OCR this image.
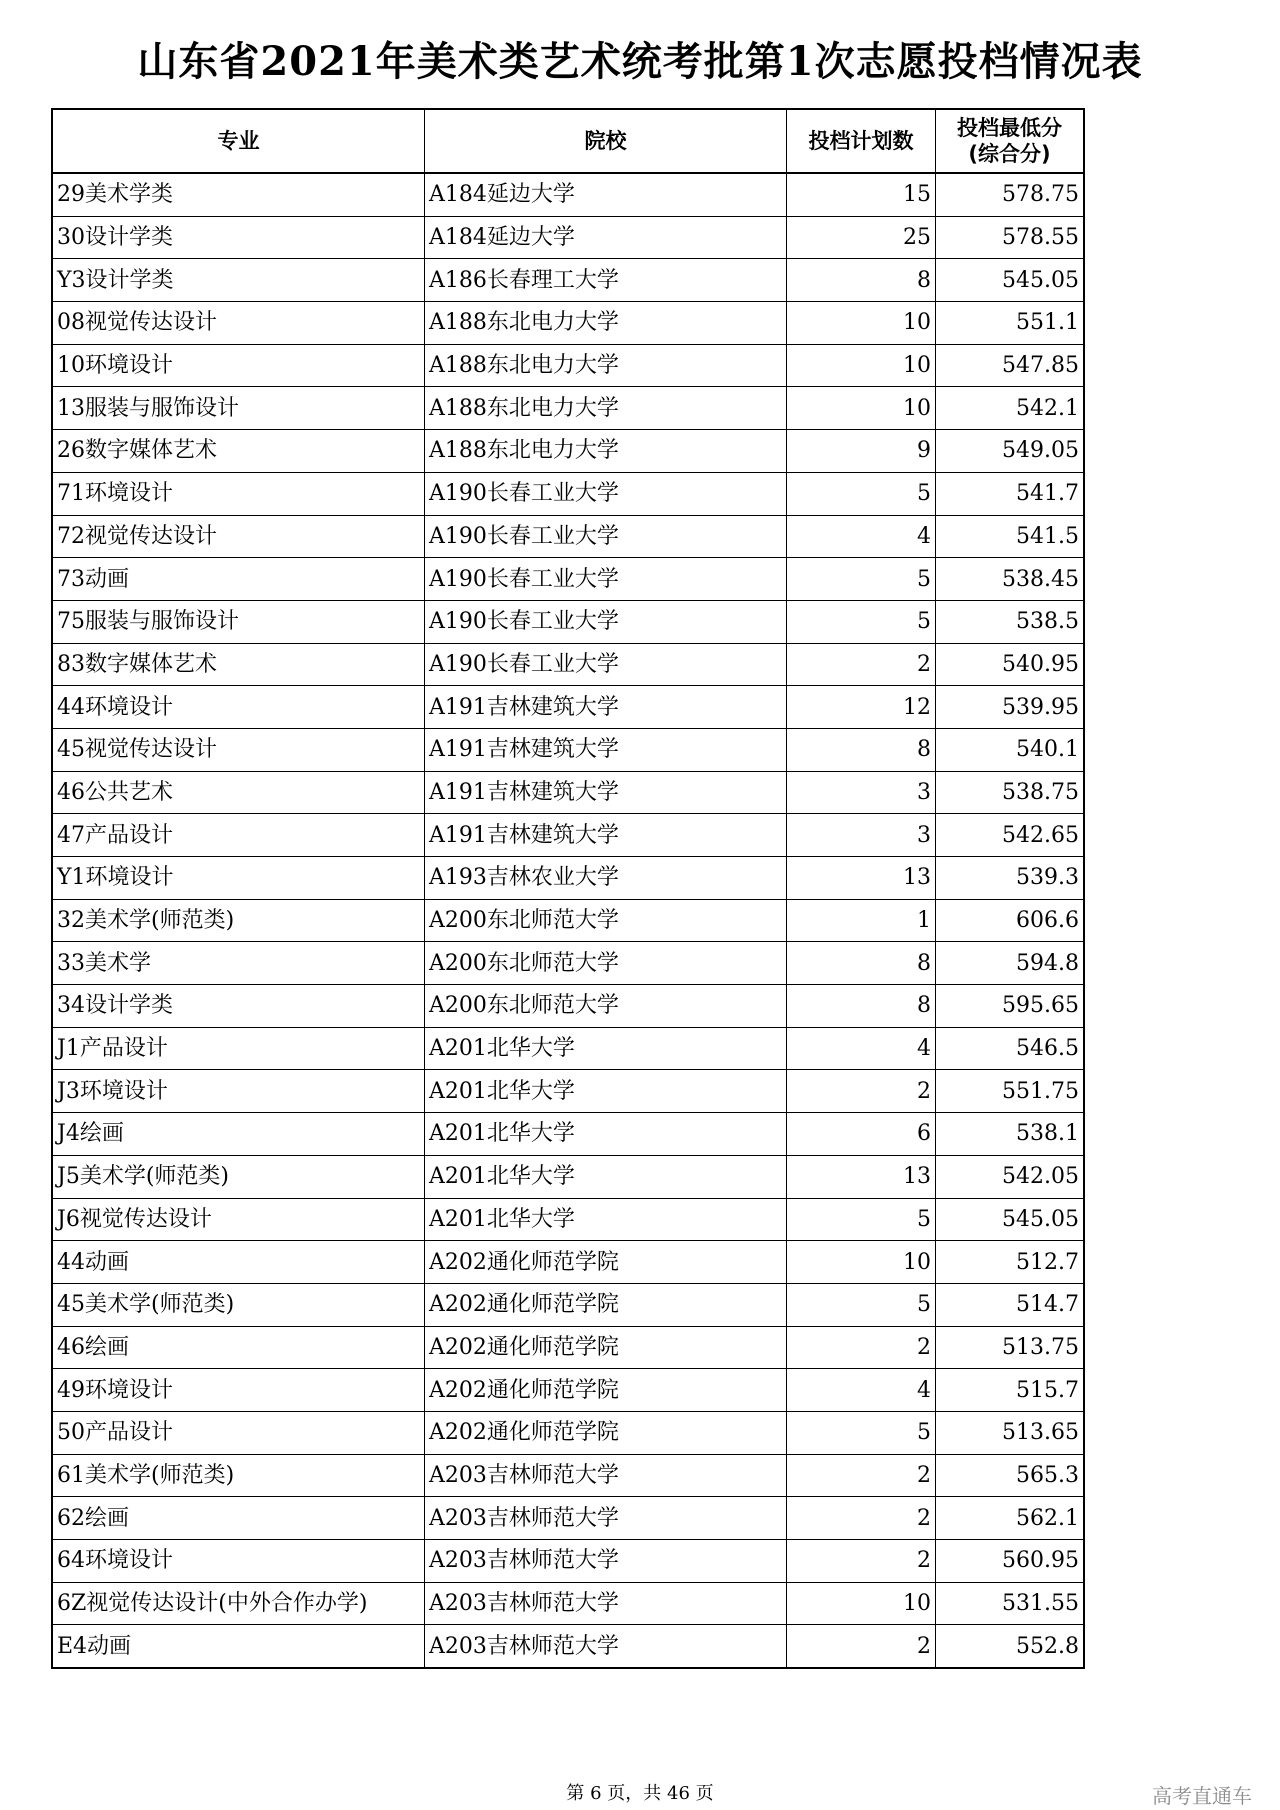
山东省2021年美术类艺术统考批第1次志愿投档情况表
专业	院校	投档计划数	投档最低分
(综合分)

29美术学类	A184延边大学	15	578.75
30设计学类	A184延边大学	25	578.55
Y3设计学类	A186长春理工大学	8	545.05
08视觉传达设计	A188东北电力大学	10	551.1
10环境设计	A188东北电力大学	10	547.85
13服装与服饰设计	A188东北电力大学	10	542.1
26数字媒体艺术	A188东北电力大学	9	549.05
71环境设计	A190长春工业大学	5	541.7
72视觉传达设计	A190长春工业大学	4	541.5
73动画	A190长春工业大学	5	538.45
75服装与服饰设计	A190长春工业大学	5	538.5
83数字媒体艺术	A190长春工业大学	2	540.95
44环境设计	A191吉林建筑大学	12	539.95
45视觉传达设计	A191吉林建筑大学	8	540.1
46公共艺术	A191吉林建筑大学	3	538.75
47产品设计	A191吉林建筑大学	3	542.65
Y1环境设计	A193吉林农业大学	13	539.3
32美术学(师范类)	A200东北师范大学	1	606.6
33美术学	A200东北师范大学	8	594.8
34设计学类	A200东北师范大学	8	595.65
J1产品设计	A201北华大学	4	546.5
J3环境设计	A201北华大学	2	551.75
J4绘画	A201北华大学	6	538.1
J5美术学(师范类)	A201北华大学	13	542.05
J6视觉传达设计	A201北华大学	5	545.05
44动画	A202通化师范学院	10	512.7
45美术学(师范类)	A202通化师范学院	5	514.7
46绘画	A202通化师范学院	2	513.75
49环境设计	A202通化师范学院	4	515.7
50产品设计	A202通化师范学院	5	513.65
61美术学(师范类)	A203吉林师范大学	2	565.3
62绘画	A203吉林师范大学	2	562.1
64环境设计	A203吉林师范大学	2	560.95
6Z视觉传达设计(中外合作办学)	A203吉林师范大学	10	531.55
E4动画	A203吉林师范大学	2	552.8
第 6 页，共 46 页	高考直通车
